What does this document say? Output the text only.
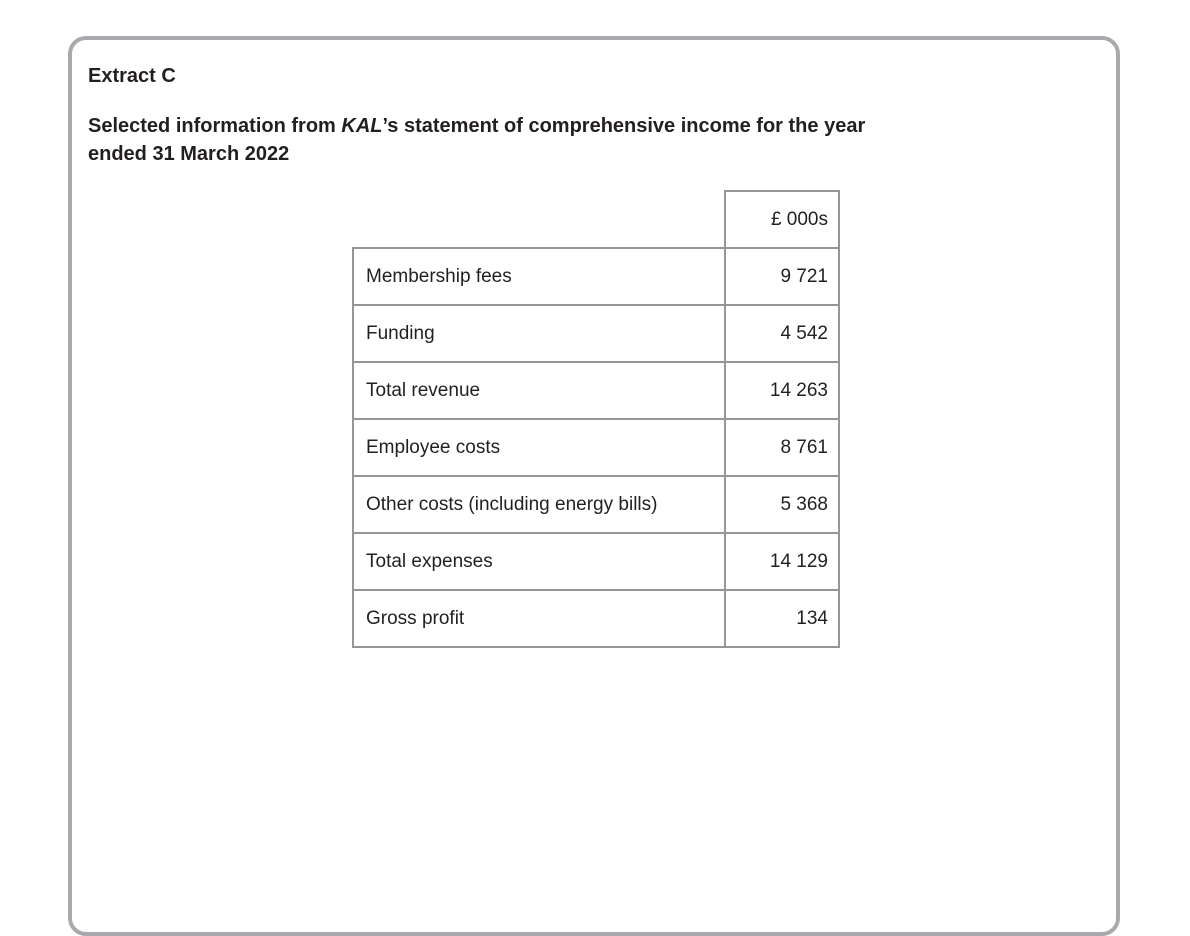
Extract C

Selected information from KAL’s statement of comprehensive income for the year
ended 31 March 2022

	£ 000s
Membership fees	9 721
Funding	4 542
Total revenue	14 263
Employee costs	8 761
Other costs (including energy bills)	5 368
Total expenses	14 129
Gross profit	134
